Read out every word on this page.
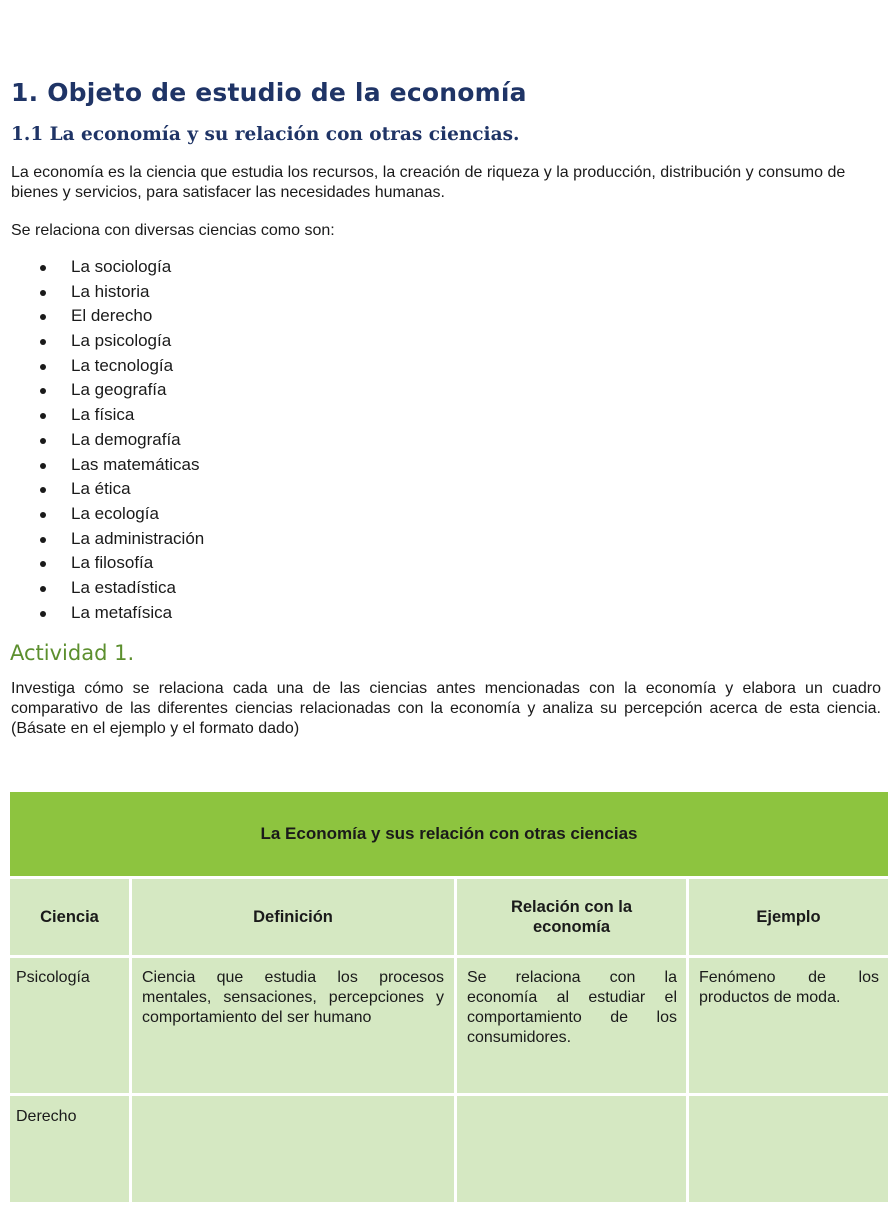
1. Objeto de estudio de la economía
1.1 La economía y su relación con otras ciencias.
La economía es la ciencia que estudia los recursos, la creación de riqueza y la producción, distribución y consumo de bienes y servicios, para satisfacer las necesidades humanas.
Se relaciona con diversas ciencias como son:
La sociología
La historia
El derecho
La psicología
La tecnología
La geografía
La física
La demografía
Las matemáticas
La ética
La ecología
La administración
La filosofía
La estadística
La metafísica
Actividad 1.
Investiga cómo se relaciona cada una de las ciencias antes mencionadas con la economía y elabora un cuadro comparativo de las diferentes ciencias relacionadas con la economía y analiza su percepción acerca de esta ciencia. (Básate en el ejemplo y el formato dado)
La Economía y sus relación con otras ciencias
Ciencia	Definición
Relación con la economía
Ejemplo
Psicología	Ciencia que estudia los procesos mentales, sensaciones, percepciones y comportamiento del ser humano
Se relaciona con la economía al estudiar el comportamiento de los consumidores.
Fenómeno de los productos de moda.
Derecho
